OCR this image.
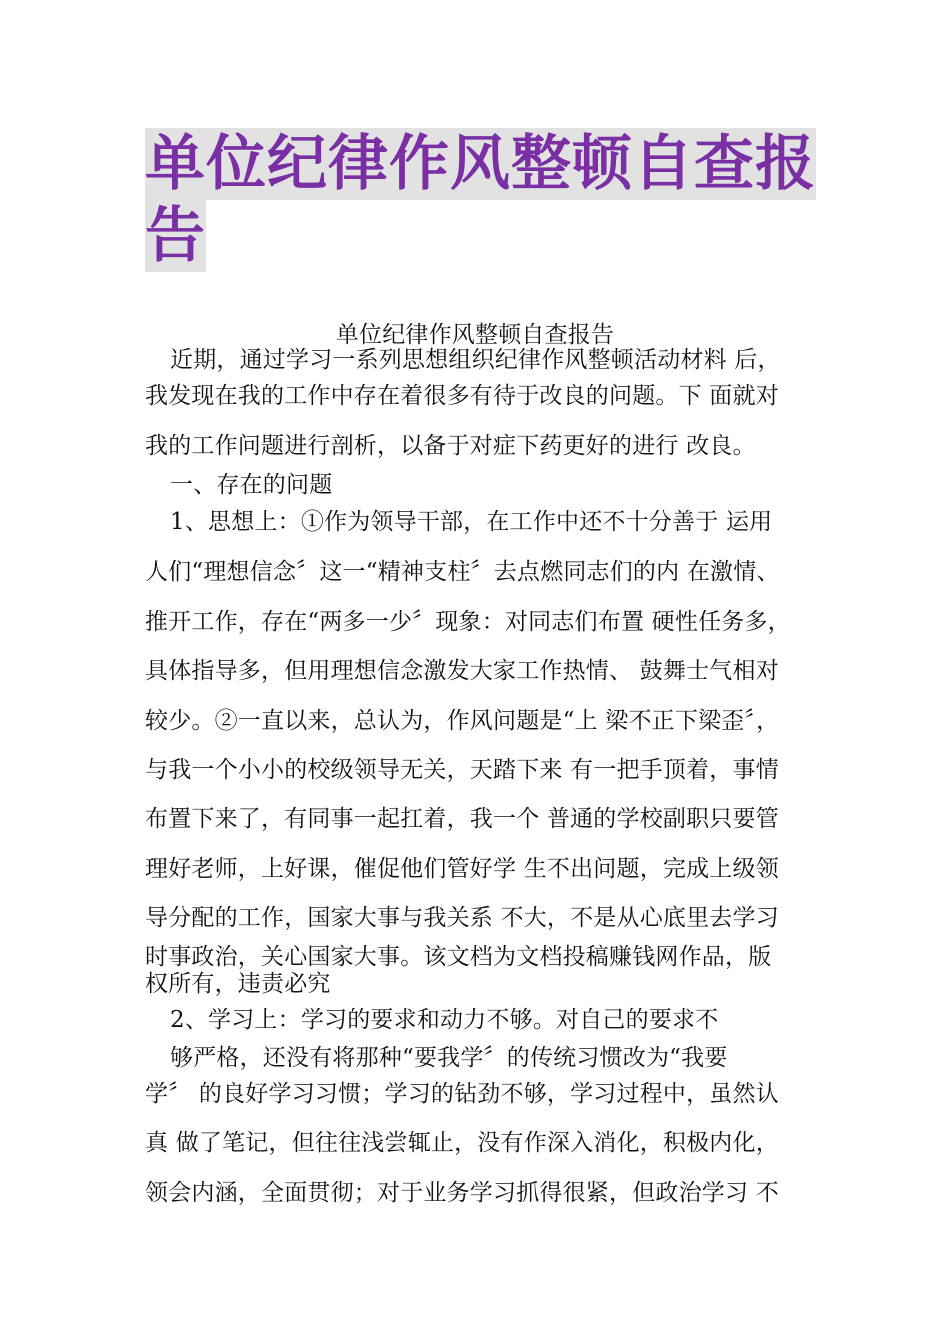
单位纪律作风整顿自查报
告
单位纪律作风整顿自查报告
近期，通过学习一系列思想组织纪律作风整顿活动材料 后，
我发现在我的工作中存在着很多有待于改良的问题。下 面就对
我的工作问题进行剖析，以备于对症下药更好的进行 改良。
一、存在的问题
1、思想上：①作为领导干部，在工作中还不十分善于 运用
人们“理想信念〞这一“精神支柱〞去点燃同志们的内 在激情、
推开工作，存在“两多一少〞现象：对同志们布置 硬性任务多，
具体指导多，但用理想信念激发大家工作热情、 鼓舞士气相对
较少。②一直以来，总认为，作风问题是“上 梁不正下梁歪〞，
与我一个小小的校级领导无关，天踏下来 有一把手顶着，事情
布置下来了，有同事一起扛着，我一个 普通的学校副职只要管
理好老师，上好课，催促他们管好学 生不出问题，完成上级领
导分配的工作，国家大事与我关系 不大，不是从心底里去学习
时事政治，关心国家大事。该文档为文档投稿赚钱网作品，版
权所有，违责必究
2、学习上：学习的要求和动力不够。对自己的要求不
够严格，还没有将那种“要我学〞的传统习惯改为“我要
学〞 的良好学习习惯；学习的钻劲不够，学习过程中，虽然认
真 做了笔记，但往往浅尝辄止，没有作深入消化，积极内化，
领会内涵，全面贯彻；对于业务学习抓得很紧，但政治学习 不
